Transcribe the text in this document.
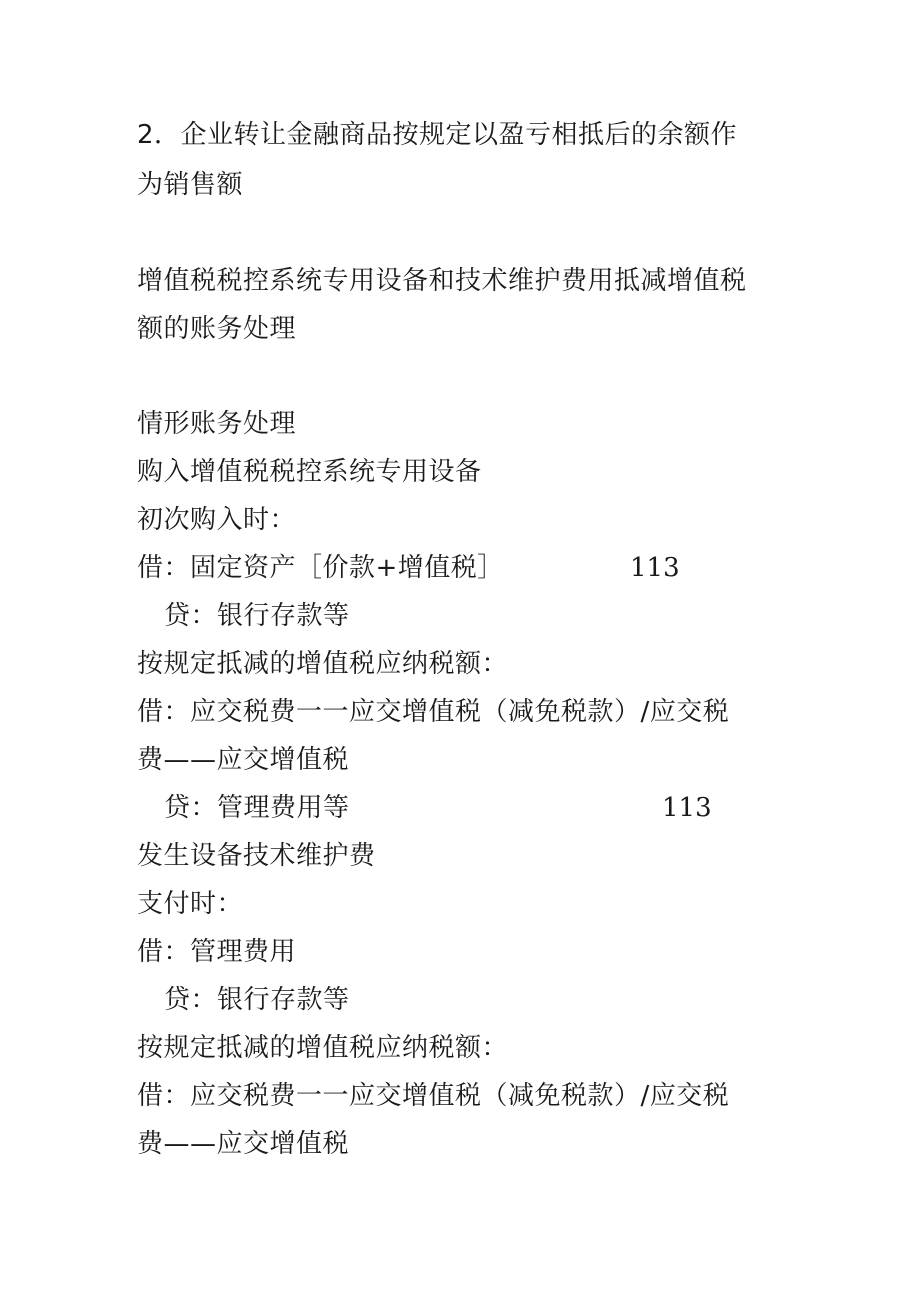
2．企业转让金融商品按规定以盈亏相抵后的余额作
为销售额
增值税税控系统专用设备和技术维护费用抵减增值税
额的账务处理
情形账务处理
购入增值税税控系统专用设备
初次购入时：
借：固定资产［价款+增值税］	113
贷：银行存款等
按规定抵减的增值税应纳税额：
借：应交税费一一应交增值税（减免税款）/应交税
费——应交增值税
贷：管理费用等	113
发生设备技术维护费
支付时：
借：管理费用
贷：银行存款等
按规定抵减的增值税应纳税额：
借：应交税费一一应交增值税（减免税款）/应交税
费——应交增值税
